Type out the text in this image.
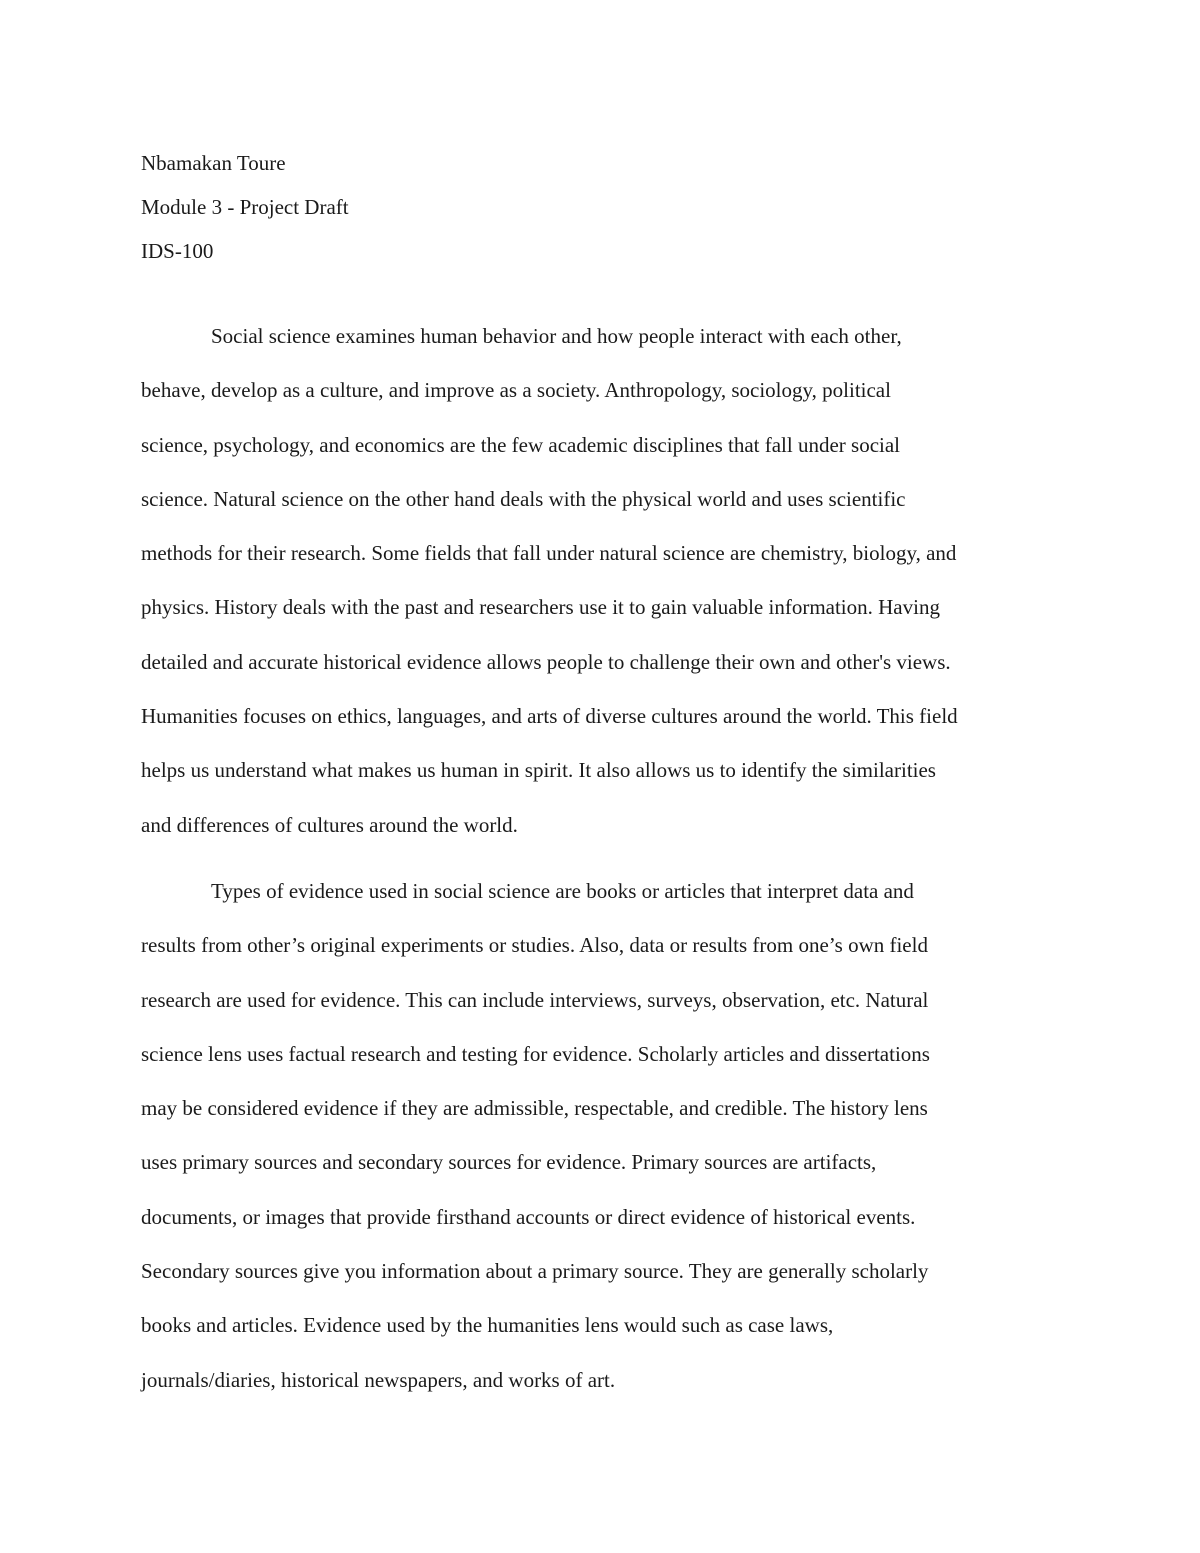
Nbamakan Toure
Module 3 - Project Draft
IDS-100
Social science examines human behavior and how people interact with each other,
behave, develop as a culture, and improve as a society. Anthropology, sociology, political
science, psychology, and economics are the few academic disciplines that fall under social
science. Natural science on the other hand deals with the physical world and uses scientific
methods for their research. Some fields that fall under natural science are chemistry, biology, and
physics. History deals with the past and researchers use it to gain valuable information. Having
detailed and accurate historical evidence allows people to challenge their own and other's views.
Humanities focuses on ethics, languages, and arts of diverse cultures around the world. This field
helps us understand what makes us human in spirit. It also allows us to identify the similarities
and differences of cultures around the world.
Types of evidence used in social science are books or articles that interpret data and
results from other’s original experiments or studies. Also, data or results from one’s own field
research are used for evidence. This can include interviews, surveys, observation, etc. Natural
science lens uses factual research and testing for evidence. Scholarly articles and dissertations
may be considered evidence if they are admissible, respectable, and credible. The history lens
uses primary sources and secondary sources for evidence. Primary sources are artifacts,
documents, or images that provide firsthand accounts or direct evidence of historical events.
Secondary sources give you information about a primary source. They are generally scholarly
books and articles. Evidence used by the humanities lens would such as case laws,
journals/diaries, historical newspapers, and works of art.
